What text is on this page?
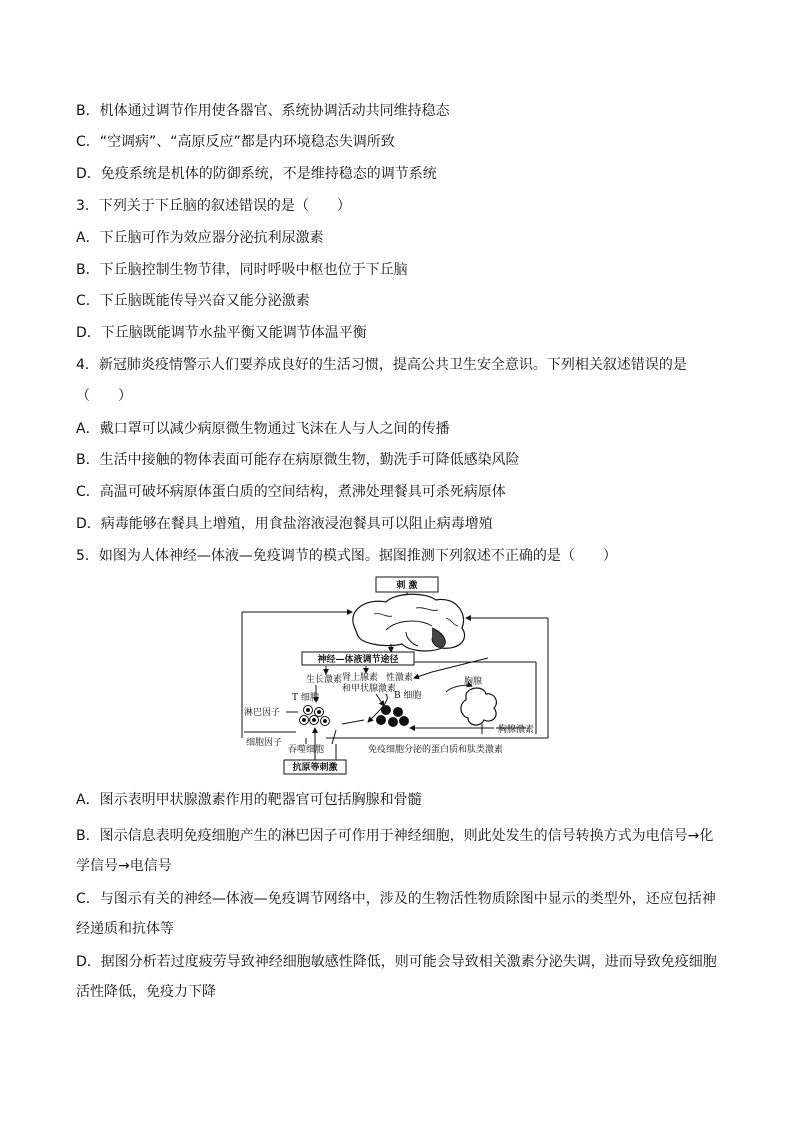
B．机体通过调节作用使各器官、系统协调活动共同维持稳态
C．“空调病”、“高原反应”都是内环境稳态失调所致
D．免疫系统是机体的防御系统，不是维持稳态的调节系统
3．下列关于下丘脑的叙述错误的是（　　）
A．下丘脑可作为效应器分泌抗利尿激素
B．下丘脑控制生物节律，同时呼吸中枢也位于下丘脑
C．下丘脑既能传导兴奋又能分泌激素
D．下丘脑既能调节水盐平衡又能调节体温平衡
4．新冠肺炎疫情警示人们要养成良好的生活习惯，提高公共卫生安全意识。下列相关叙述错误的是
（　　）
A．戴口罩可以减少病原微生物通过飞沫在人与人之间的传播
B．生活中接触的物体表面可能存在病原微生物，勤洗手可降低感染风险
C．高温可破坏病原体蛋白质的空间结构，煮沸处理餐具可杀死病原体
D．病毒能够在餐具上增殖，用食盐溶液浸泡餐具可以阻止病毒增殖
5．如图为人体神经—体液—免疫调节的模式图。据图推测下列叙述不正确的是（　　）
刺 激
神经—体液调节途径
生长激素 肾上腺素 性激素
和甲状腺激素
胸腺
T 细胞	B 细胞
淋巴因子
细胞因子
吞噬细胞
胸腺激素
免疫细胞分泌的蛋白质和肽类激素
抗原等刺激
A．图示表明甲状腺激素作用的靶器官可包括胸腺和骨髓
B．图示信息表明免疫细胞产生的淋巴因子可作用于神经细胞，则此处发生的信号转换方式为电信号→化学信号→电信号
C．与图示有关的神经—体液—免疫调节网络中，涉及的生物活性物质除图中显示的类型外，还应包括神经递质和抗体等
D．据图分析若过度疲劳导致神经细胞敏感性降低，则可能会导致相关激素分泌失调，进而导致免疫细胞活性降低，免疫力下降
